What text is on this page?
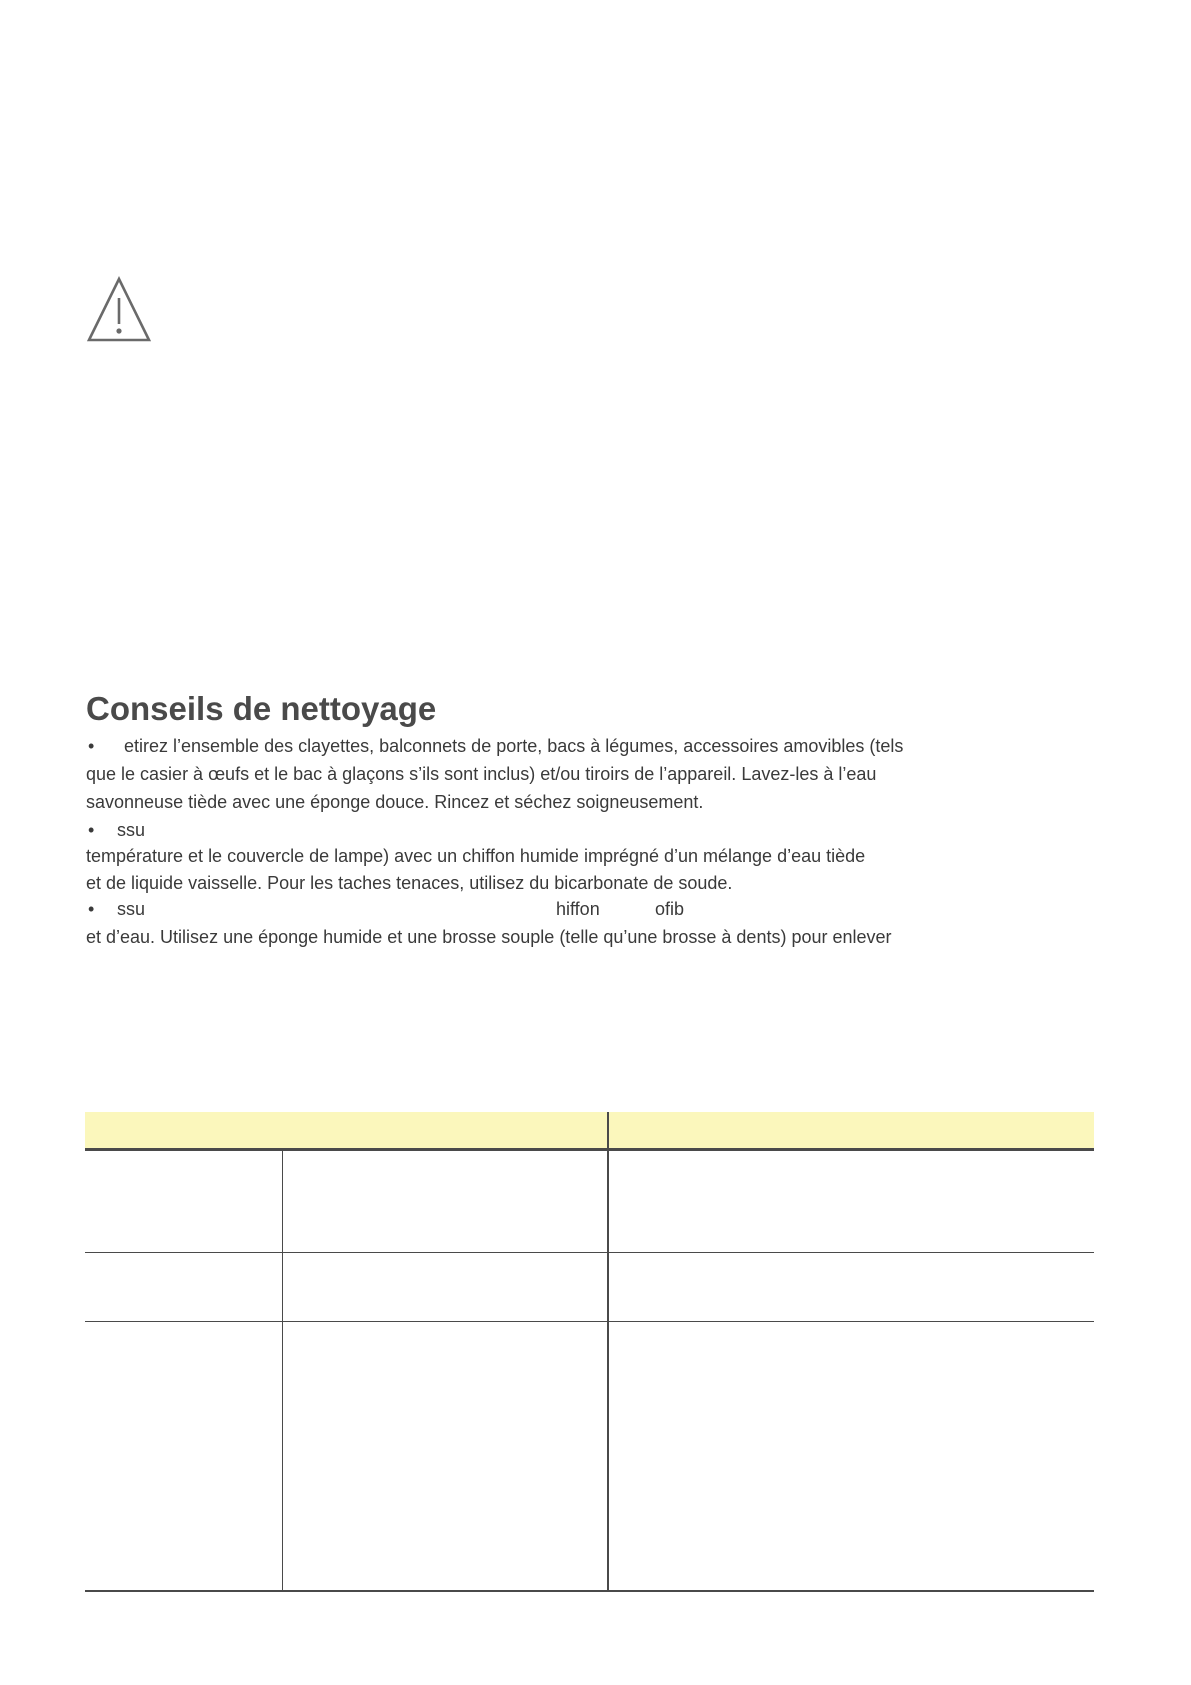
Conseils de nettoyage
• etirez l’ensemble des clayettes, balconnets de porte, bacs à légumes, accessoires amovibles (tels
que le casier à œufs et le bac à glaçons s’ils sont inclus) et/ou tiroirs de l’appareil. Lavez-les à l’eau
savonneuse tiède avec une éponge douce. Rincez et séchez soigneusement.
• ssu
température et le couvercle de lampe) avec un chiffon humide imprégné d’un mélange d’eau tiède
et de liquide vaisselle. Pour les taches tenaces, utilisez du bicarbonate de soude.
• ssu	hiffon	ofib
et d’eau. Utilisez une éponge humide et une brosse souple (telle qu’une brosse à dents) pour enlever
